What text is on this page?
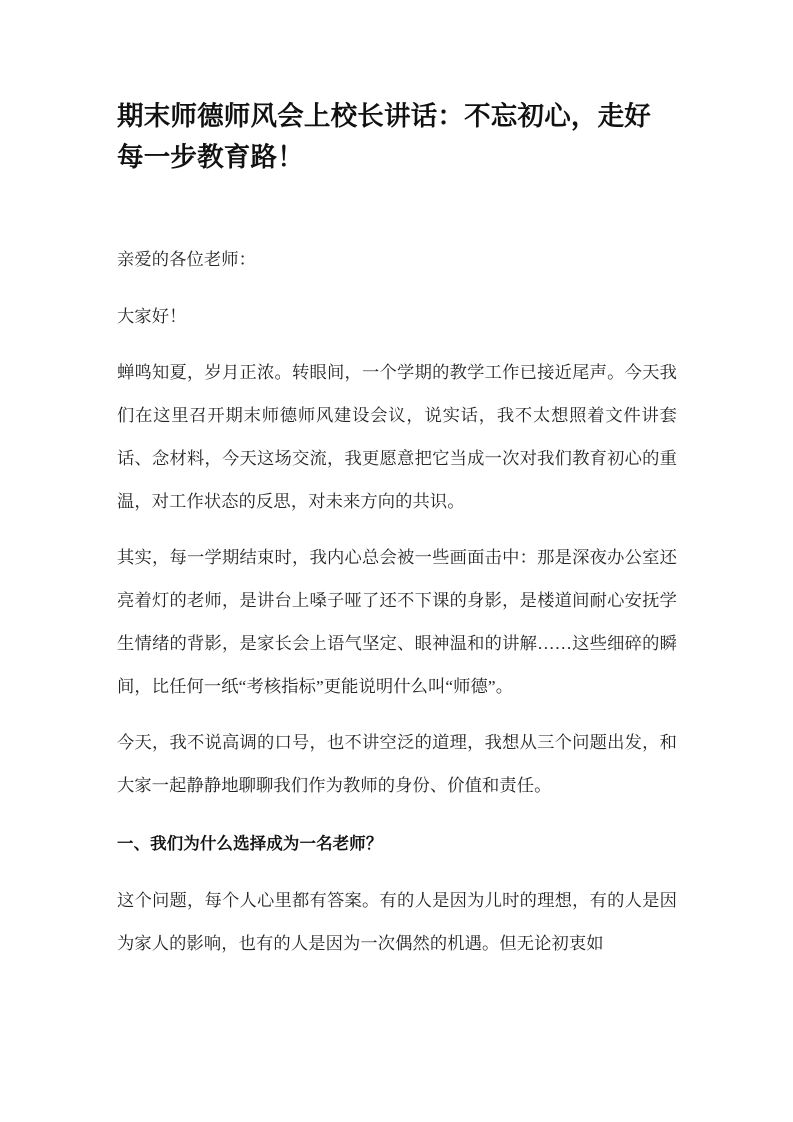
期末师德师风会上校长讲话：不忘初心，走好每一步教育路！

亲爱的各位老师：

大家好！

蝉鸣知夏，岁月正浓。转眼间，一个学期的教学工作已接近尾声。今天我们在这里召开期末师德师风建设会议，说实话，我不太想照着文件讲套话、念材料，今天这场交流，我更愿意把它当成一次对我们教育初心的重温，对工作状态的反思，对未来方向的共识。

其实，每一学期结束时，我内心总会被一些画面击中：那是深夜办公室还亮着灯的老师，是讲台上嗓子哑了还不下课的身影，是楼道间耐心安抚学生情绪的背影，是家长会上语气坚定、眼神温和的讲解……这些细碎的瞬间，比任何一纸“考核指标”更能说明什么叫“师德”。

今天，我不说高调的口号，也不讲空泛的道理，我想从三个问题出发，和大家一起静静地聊聊我们作为教师的身份、价值和责任。

一、我们为什么选择成为一名老师？

这个问题，每个人心里都有答案。有的人是因为儿时的理想，有的人是因为家人的影响，也有的人是因为一次偶然的机遇。但无论初衷如
